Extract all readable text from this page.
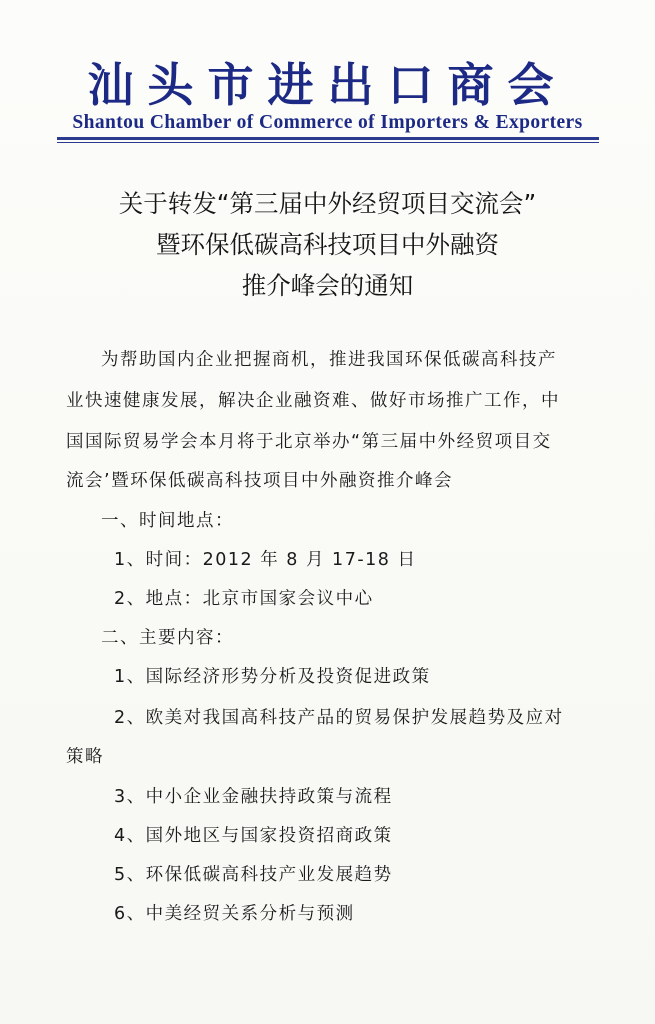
汕头市进出口商会
Shantou Chamber of Commerce of Importers & Exporters
关于转发“第三届中外经贸项目交流会”
暨环保低碳高科技项目中外融资
推介峰会的通知
为帮助国内企业把握商机，推进我国环保低碳高科技产
业快速健康发展，解决企业融资难、做好市场推广工作，中
国国际贸易学会本月将于北京举办“第三届中外经贸项目交
流会’暨环保低碳高科技项目中外融资推介峰会
一、时间地点：
1、时间：2012 年 8 月 17-18 日
2、地点：北京市国家会议中心
二、主要内容：
1、国际经济形势分析及投资促进政策
2、欧美对我国高科技产品的贸易保护发展趋势及应对
策略
3、中小企业金融扶持政策与流程
4、国外地区与国家投资招商政策
5、环保低碳高科技产业发展趋势
6、中美经贸关系分析与预测
